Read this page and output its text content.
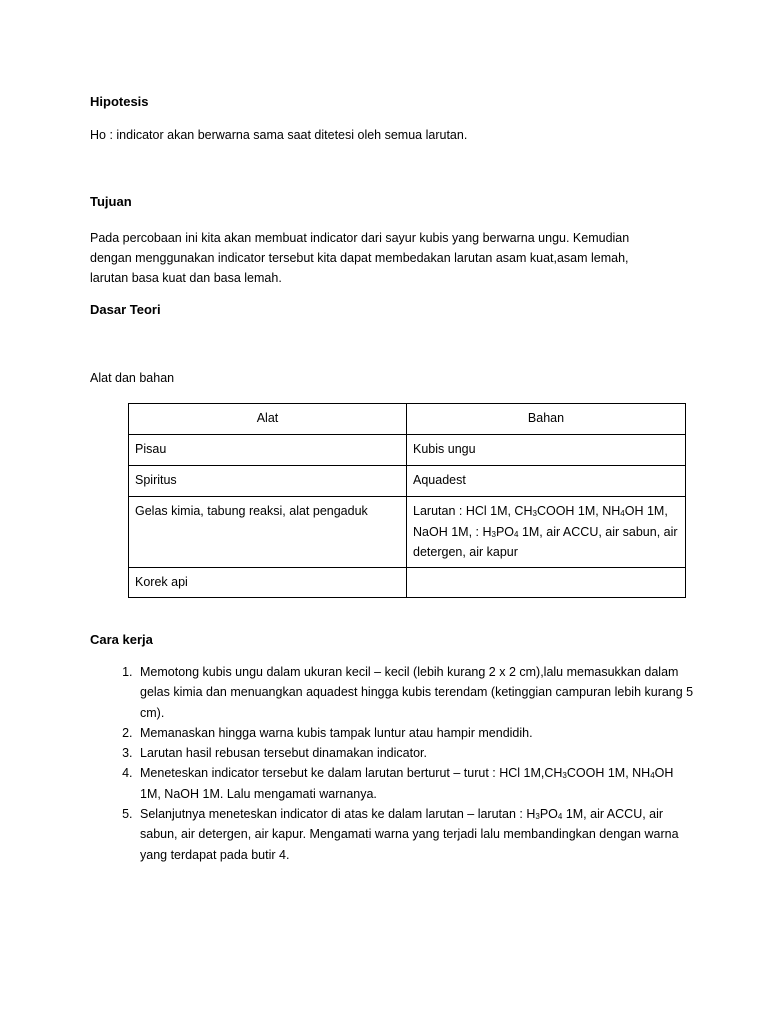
Hipotesis
Ho : indicator akan berwarna sama saat ditetesi oleh semua larutan.
Tujuan
Pada percobaan ini kita akan membuat indicator dari sayur kubis yang berwarna ungu. Kemudian
dengan menggunakan indicator tersebut kita dapat membedakan larutan asam kuat,asam lemah,
larutan basa kuat dan basa lemah.
Dasar Teori
Alat dan bahan
Alat	Bahan
Pisau	Kubis ungu
Spiritus	Aquadest
Gelas kimia, tabung reaksi, alat pengaduk	Larutan : HCl 1M, $CH_3COOH$ 1M, $NH_4OH$ 1M,
NaOH 1M, : $H_3PO_4$ 1M, air ACCU, air sabun, air
detergen, air kapur
Korek api	
Cara kerja
1. Memotong kubis ungu dalam ukuran kecil – kecil (lebih kurang 2 x 2 cm),lalu memasukkan dalam gelas kimia dan menuangkan aquadest hingga kubis terendam (ketinggian campuran lebih kurang 5 cm).
2. Memanaskan hingga warna kubis tampak luntur atau hampir mendidih.
3. Larutan hasil rebusan tersebut dinamakan indicator.
4. Meneteskan indicator tersebut ke dalam larutan berturut – turut : HCl $1M,CH_3COOH$ 1M, $NH_4OH$ 1M, NaOH 1M. Lalu mengamati warnanya.
5. Selanjutnya meneteskan indicator di atas ke dalam larutan – larutan : $H_3PO_4$ 1M, air ACCU, air sabun, air detergen, air kapur. Mengamati warna yang terjadi lalu membandingkan dengan warna yang terdapat pada butir 4.
